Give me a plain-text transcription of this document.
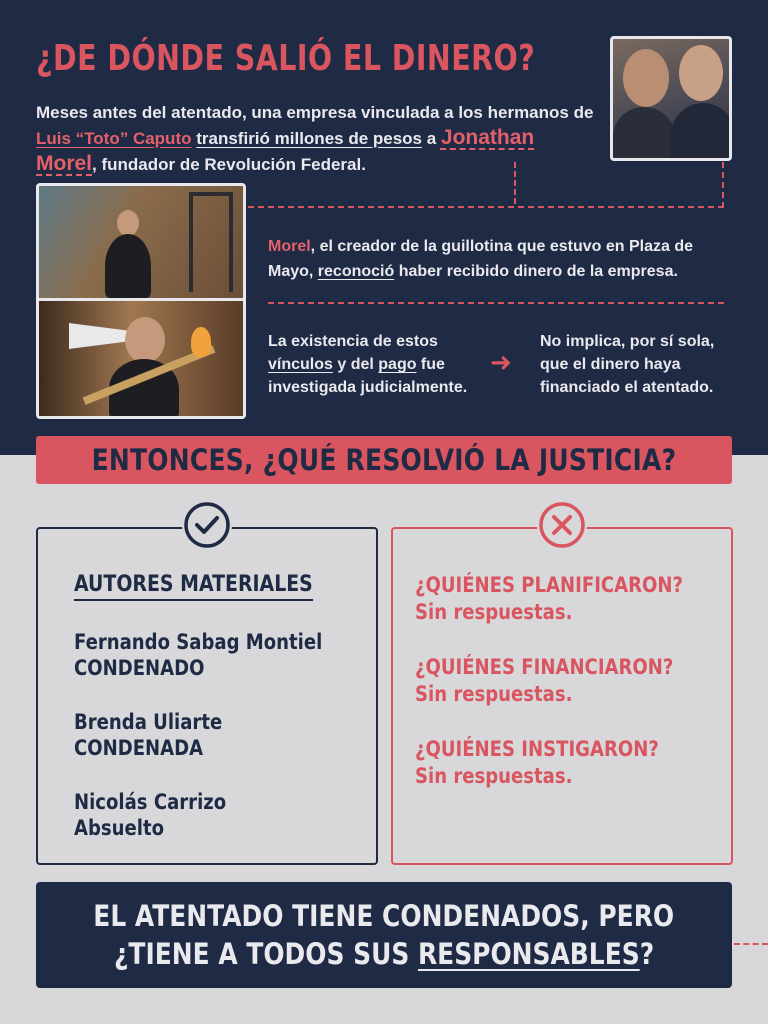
¿DE DÓNDE SALIÓ EL DINERO?

Meses antes del atentado, una empresa vinculada a los hermanos de Luis “Toto” Caputo transfirió millones de pesos a Jonathan Morel, fundador de Revolución Federal.

Morel, el creador de la guillotina que estuvo en Plaza de Mayo, reconoció haber recibido dinero de la empresa.

La existencia de estos vínculos y del pago fue investigada judicialmente.

➜

No implica, por sí sola, que el dinero haya financiado el atentado.

ENTONCES, ¿QUÉ RESOLVIÓ LA JUSTICIA?
AUTORES MATERIALES
Fernando Sabag Montiel
CONDENADO
Brenda Uliarte
CONDENADA
Nicolás Carrizo
Absuelto
¿QUIÉNES PLANIFICARON?
Sin respuestas.
¿QUIÉNES FINANCIARON?
Sin respuestas.
¿QUIÉNES INSTIGARON?
Sin respuestas.
EL ATENTADO TIENE CONDENADOS, PERO
¿TIENE A TODOS SUS RESPONSABLES?
